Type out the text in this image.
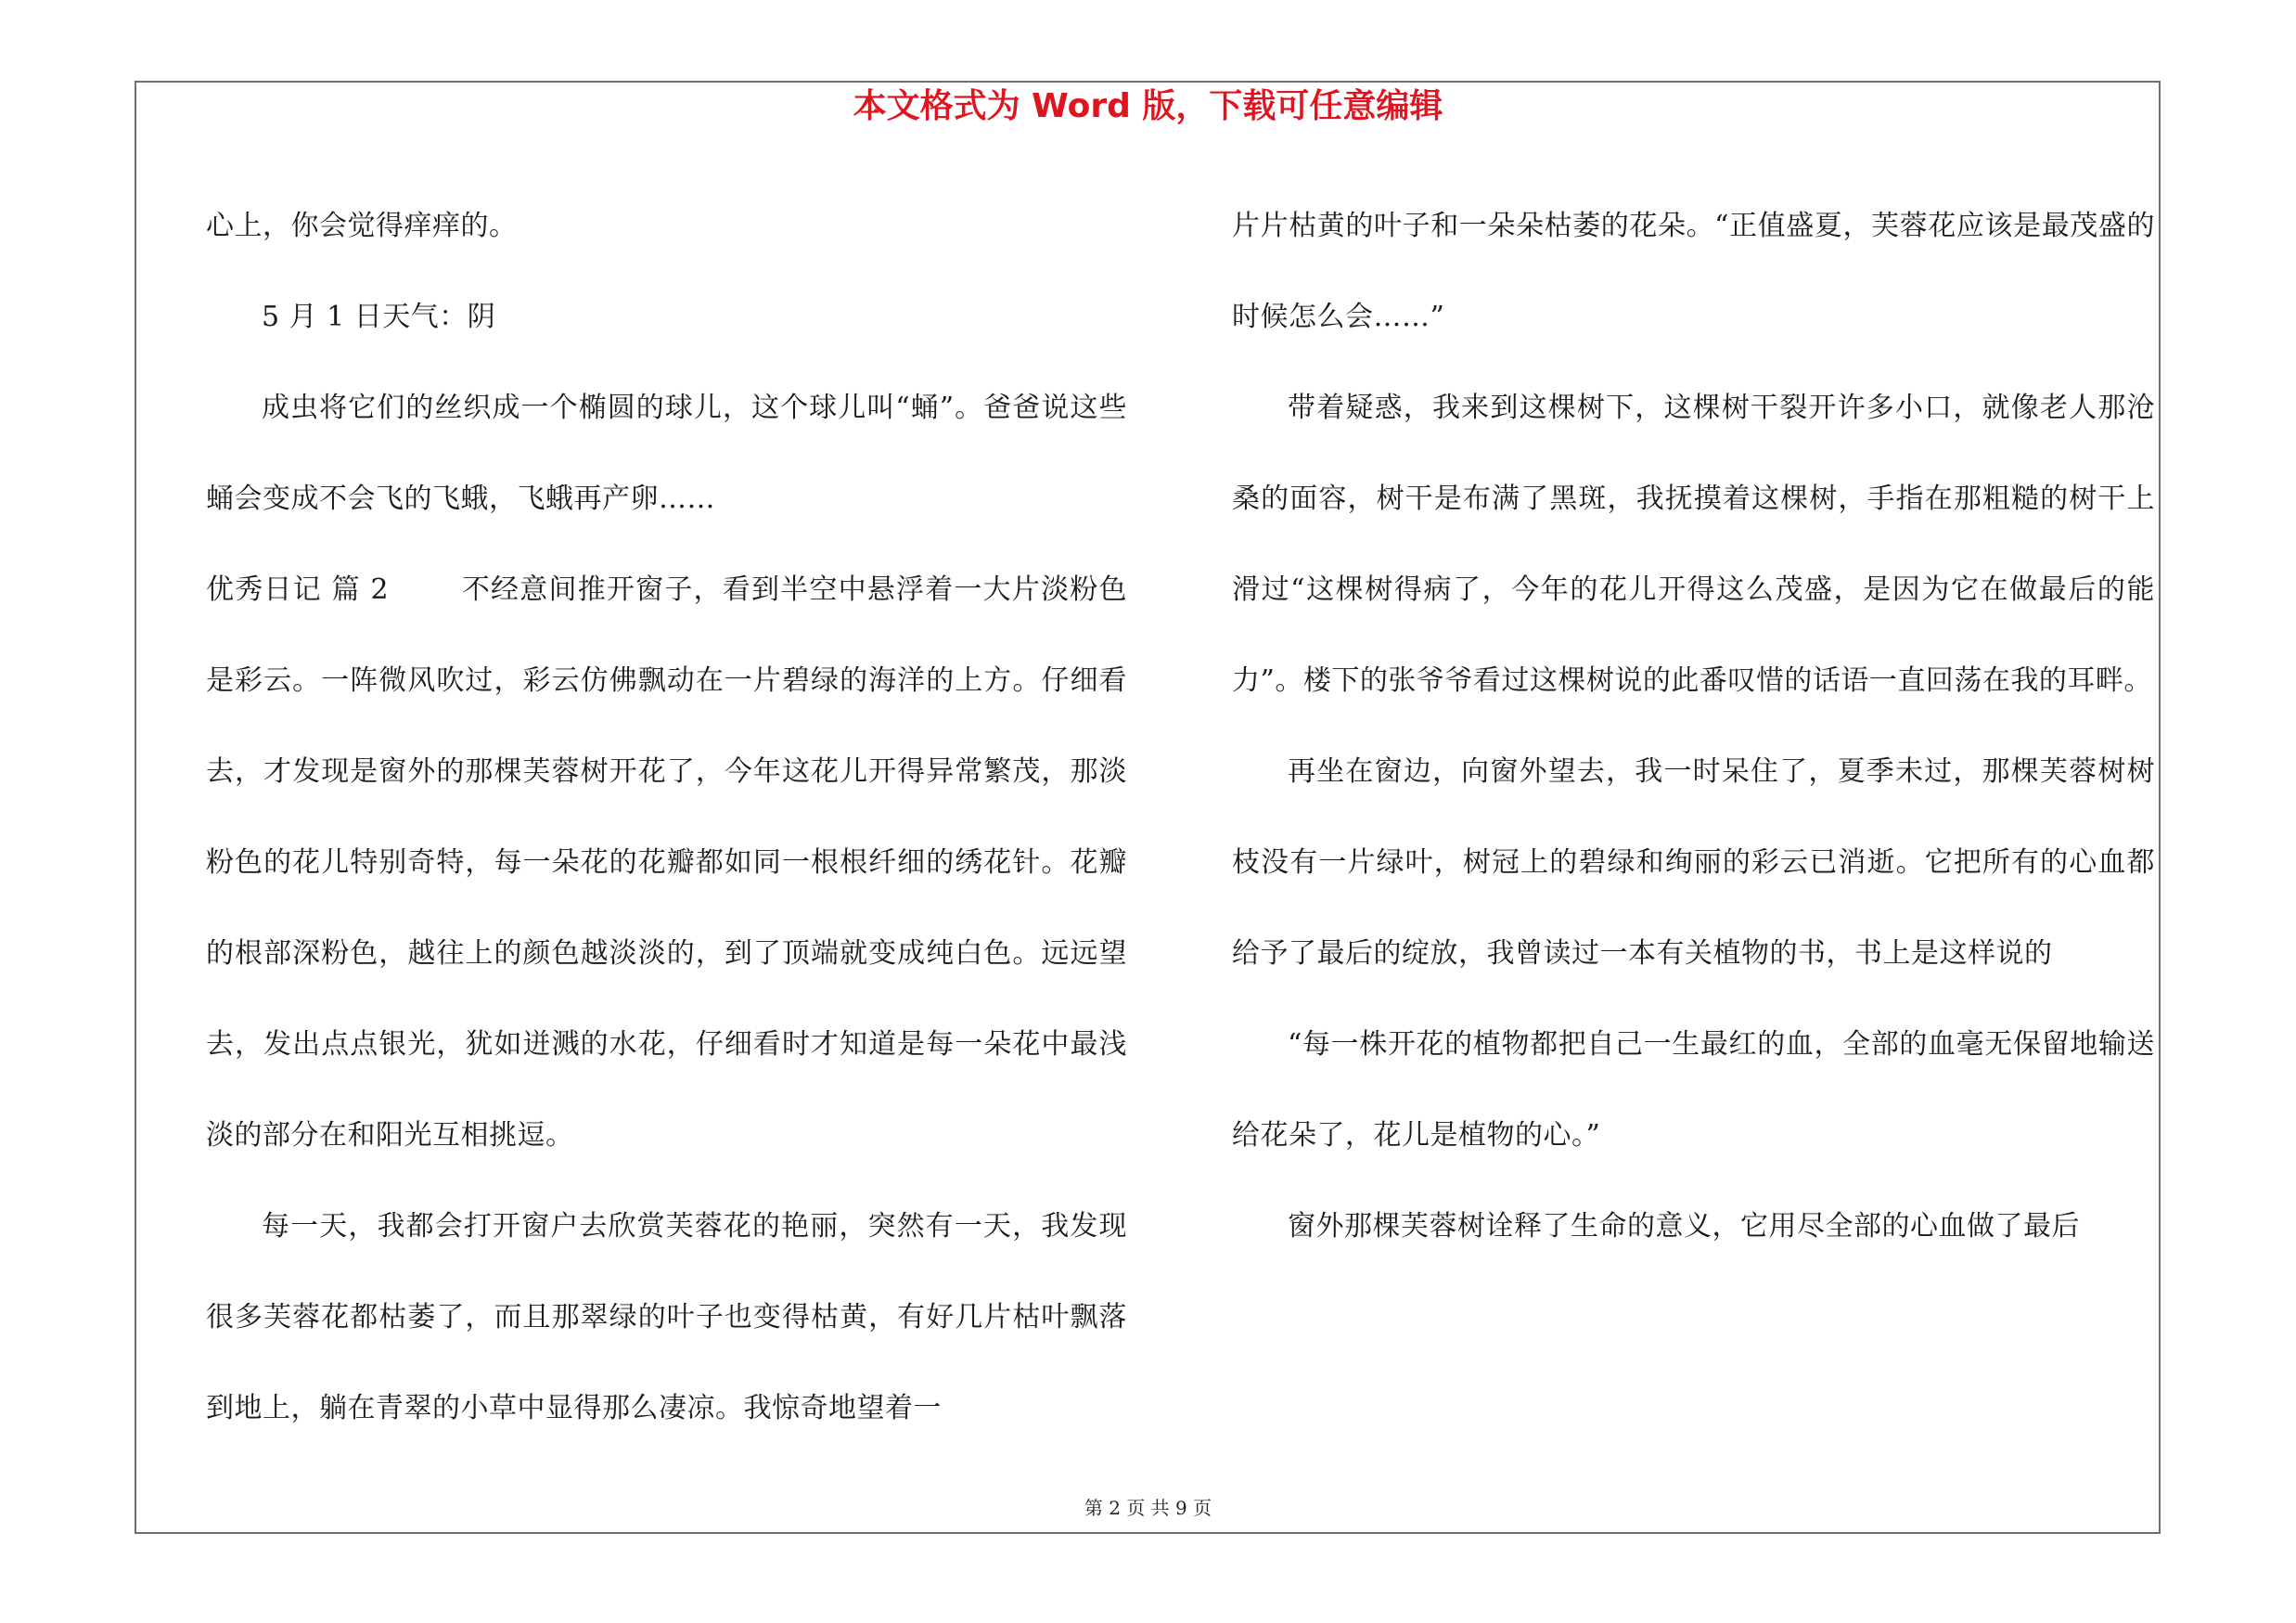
本文格式为 Word 版，下载可任意编辑

心上，你会觉得痒痒的。

5 月 1 日天气：阴

成虫将它们的丝织成一个椭圆的球儿，这个球儿叫“蛹”。爸爸说这些蛹会变成不会飞的飞蛾，飞蛾再产卵……

优秀日记 篇 2	不经意间推开窗子，看到半空中悬浮着一大片淡粉色是彩云。一阵微风吹过，彩云仿佛飘动在一片碧绿的海洋的上方。仔细看去，才发现是窗外的那棵芙蓉树开花了，今年这花儿开得异常繁茂，那淡粉色的花儿特别奇特，每一朵花的花瓣都如同一根根纤细的绣花针。花瓣的根部深粉色，越往上的颜色越淡淡的，到了顶端就变成纯白色。远远望去，发出点点银光，犹如迸溅的水花，仔细看时才知道是每一朵花中最浅淡的部分在和阳光互相挑逗。

每一天，我都会打开窗户去欣赏芙蓉花的艳丽，突然有一天，我发现很多芙蓉花都枯萎了，而且那翠绿的叶子也变得枯黄，有好几片枯叶飘落到地上，躺在青翠的小草中显得那么凄凉。我惊奇地望着一

片片枯黄的叶子和一朵朵枯萎的花朵。“正值盛夏，芙蓉花应该是最茂盛的时候怎么会……”

带着疑惑，我来到这棵树下，这棵树干裂开许多小口，就像老人那沧桑的面容，树干是布满了黑斑，我抚摸着这棵树，手指在那粗糙的树干上滑过“这棵树得病了，今年的花儿开得这么茂盛，是因为它在做最后的能力”。楼下的张爷爷看过这棵树说的此番叹惜的话语一直回荡在我的耳畔。

再坐在窗边，向窗外望去，我一时呆住了，夏季未过，那棵芙蓉树树枝没有一片绿叶，树冠上的碧绿和绚丽的彩云已消逝。它把所有的心血都给予了最后的绽放，我曾读过一本有关植物的书，书上是这样说的

“每一株开花的植物都把自己一生最红的血，全部的血毫无保留地输送给花朵了，花儿是植物的心。”

窗外那棵芙蓉树诠释了生命的意义，它用尽全部的心血做了最后

第 2 页 共 9 页
